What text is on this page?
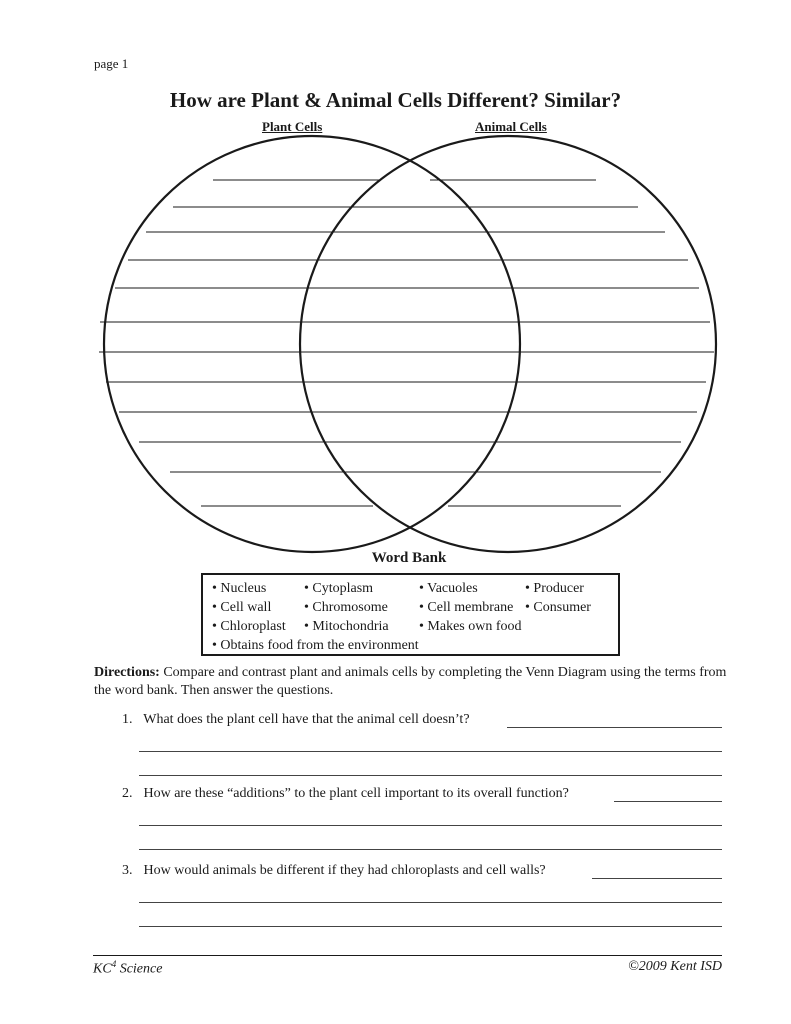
page 1
How are Plant & Animal Cells Different? Similar?
Plant Cells	Animal Cells
Word Bank
• Nucleus	• Cytoplasm	• Vacuoles	• Producer
• Cell wall • Chromosome • Cell membrane • Consumer
• Chloroplast • Mitochondria • Makes own food
• Obtains food from the environment
Directions: Compare and contrast plant and animals cells by completing the Venn Diagram using the terms from the word bank. Then answer the questions.
1. What does the plant cell have that the animal cell doesn’t?
2. How are these “additions” to the plant cell important to its overall function?
3. How would animals be different if they had chloroplasts and cell walls?
$KC^4$ Science	©2009 Kent ISD
